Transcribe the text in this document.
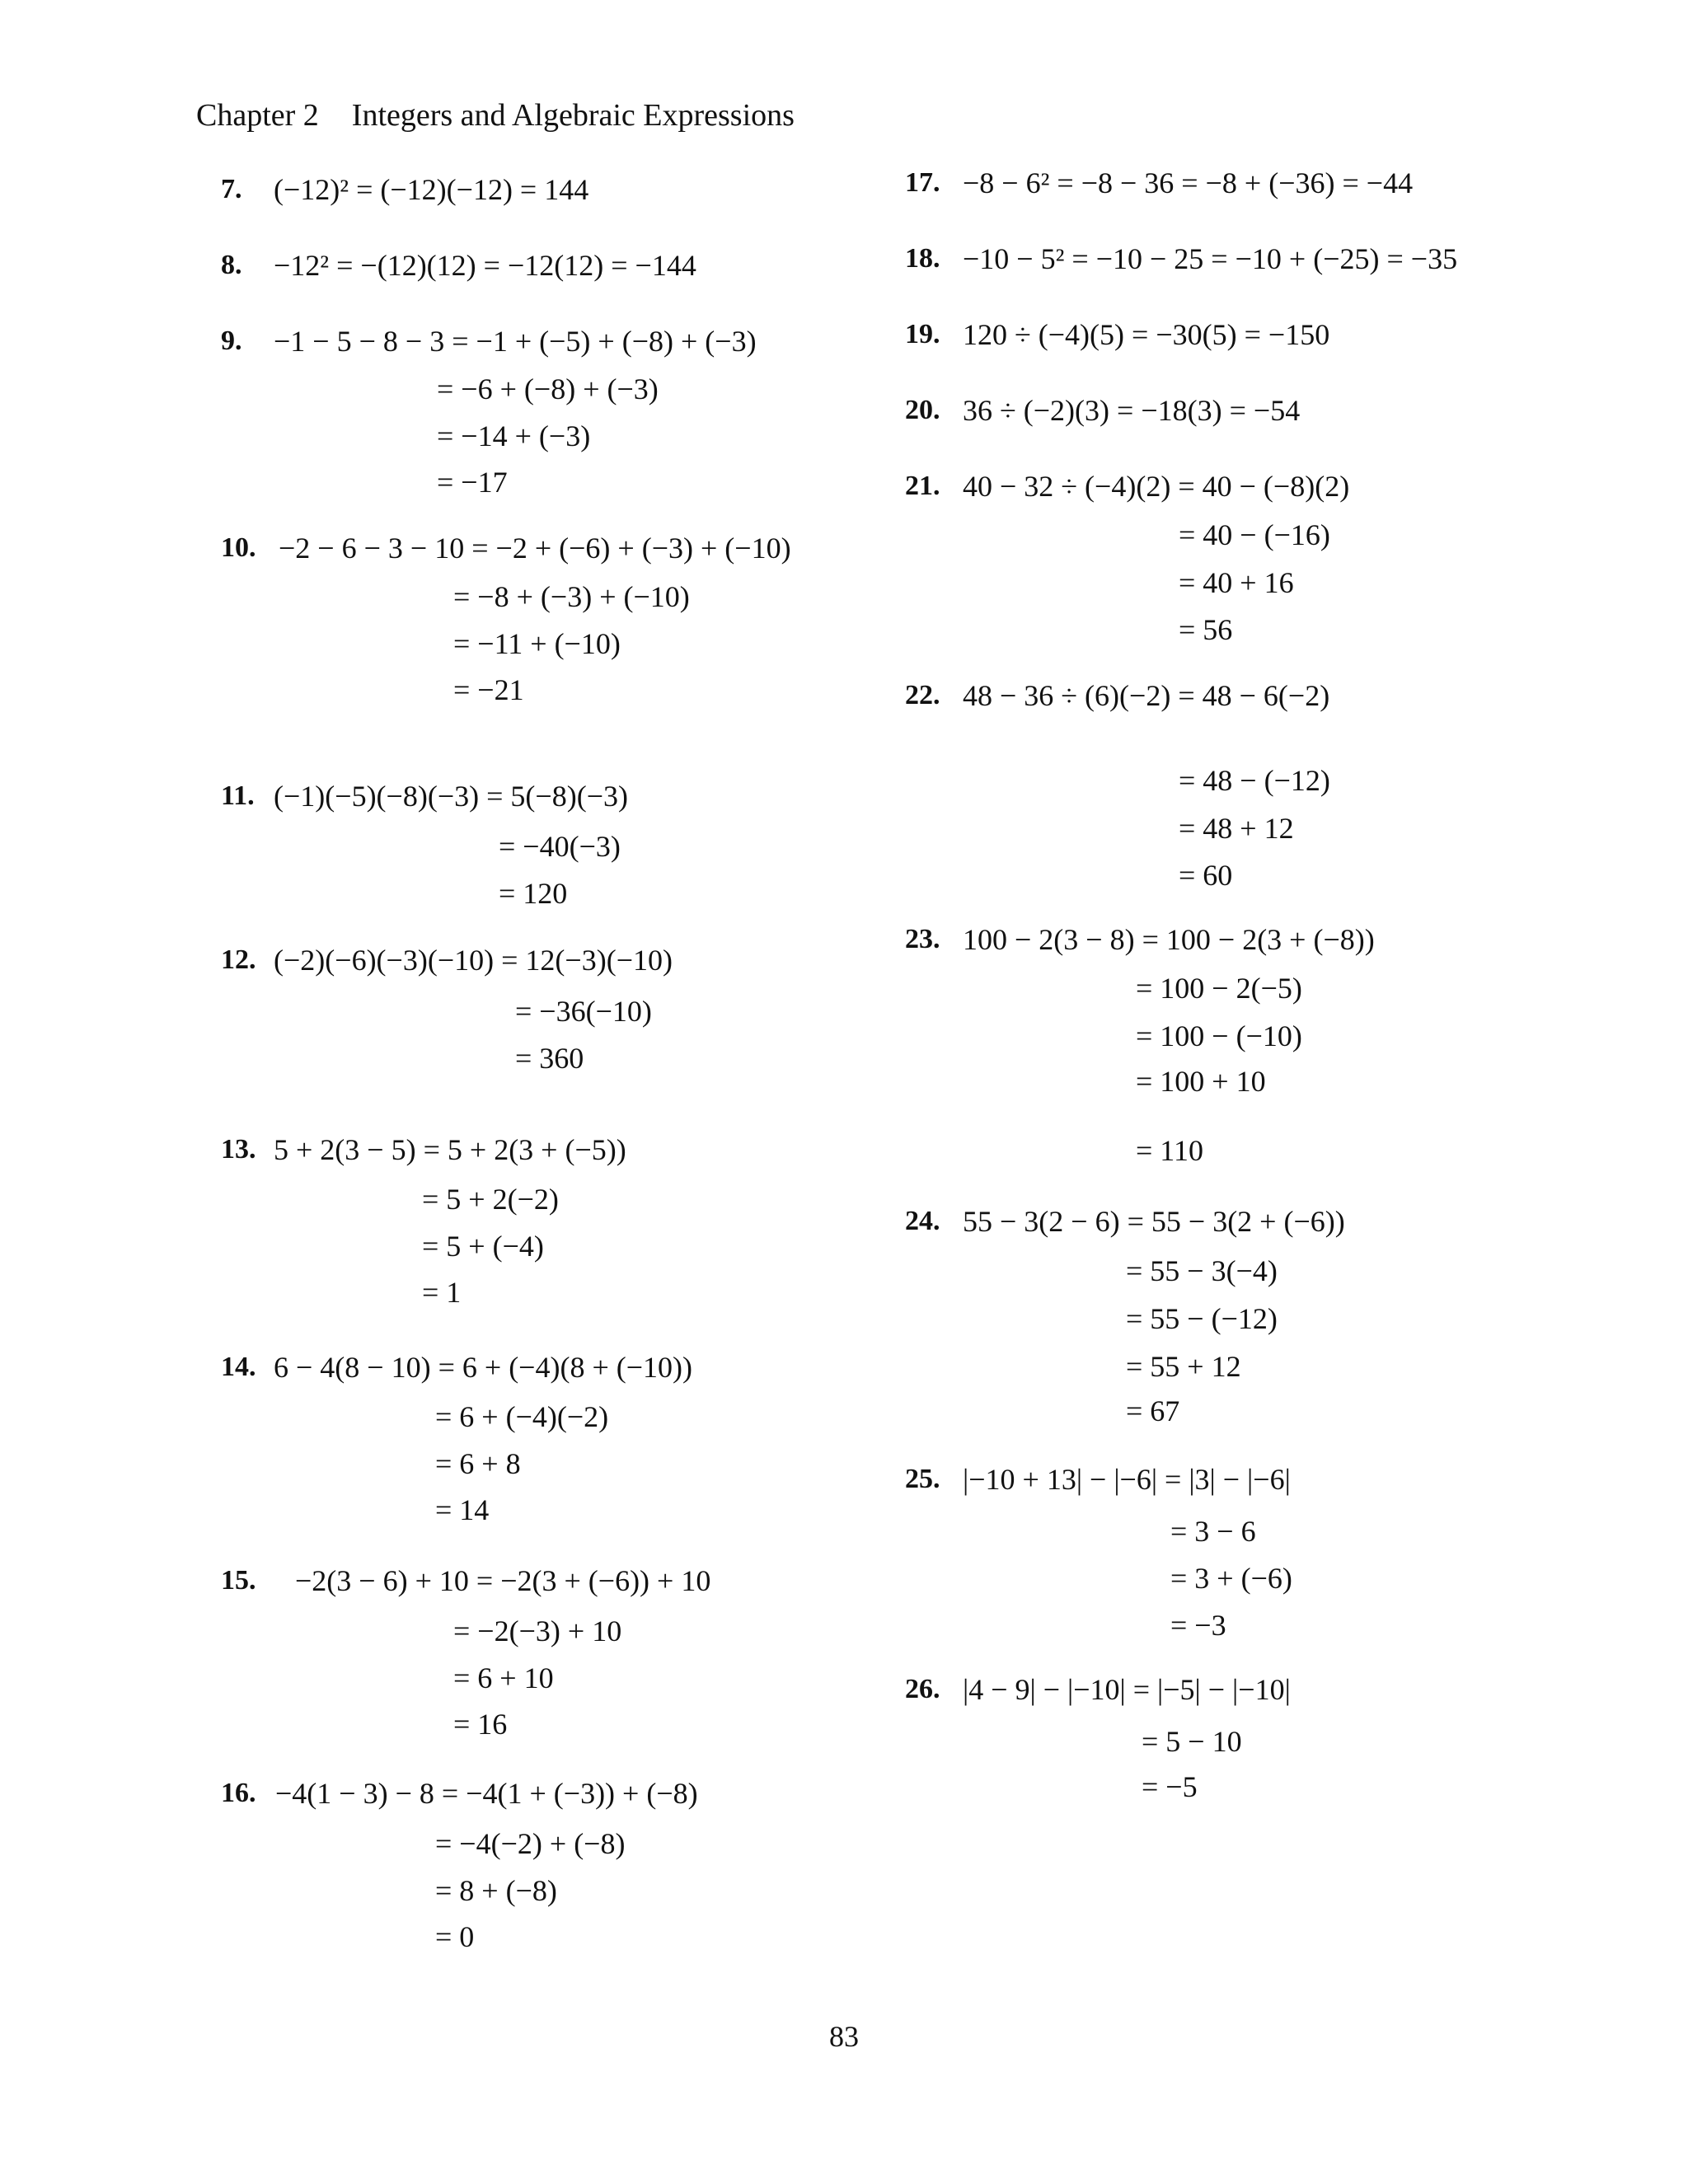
Chapter 2 Integers and Algebraic Expressions
7. (−12)² = (−12)(−12) = 144
8. −12² = −(12)(12) = −12(12) = −144
9. −1 − 5 − 8 − 3 = −1 + (−5) + (−8) + (−3)
= −6 + (−8) + (−3)
= −14 + (−3)
= −17
10. −2 − 6 − 3 − 10 = −2 + (−6) + (−3) + (−10)
= −8 + (−3) + (−10)
= −11 + (−10)
= −21
11. (−1)(−5)(−8)(−3) = 5(−8)(−3)
= −40(−3)
= 120
12. (−2)(−6)(−3)(−10) = 12(−3)(−10)
= −36(−10)
= 360
13. 5 + 2(3 − 5) = 5 + 2(3 + (−5))
= 5 + 2(−2)
= 5 + (−4)
= 1
14. 6 − 4(8 − 10) = 6 + (−4)(8 + (−10))
= 6 + (−4)(−2)
= 6 + 8
= 14
15. −2(3 − 6) + 10 = −2(3 + (−6)) + 10
= −2(−3) + 10
= 6 + 10
= 16
16. −4(1 − 3) − 8 = −4(1 + (−3)) + (−8)
= −4(−2) + (−8)
= 8 + (−8)
= 0
17. −8 − 6² = −8 − 36 = −8 + (−36) = −44
18. −10 − 5² = −10 − 25 = −10 + (−25) = −35
19. 120 ÷ (−4)(5) = −30(5) = −150
20. 36 ÷ (−2)(3) = −18(3) = −54
21. 40 − 32 ÷ (−4)(2) = 40 − (−8)(2)
= 40 − (−16)
= 40 + 16
= 56
22. 48 − 36 ÷ (6)(−2) = 48 − 6(−2)
= 48 − (−12)
= 48 + 12
= 60
23. 100 − 2(3 − 8) = 100 − 2(3 + (−8))
= 100 − 2(−5)
= 100 − (−10)
= 100 + 10
= 110
24. 55 − 3(2 − 6) = 55 − 3(2 + (−6))
= 55 − 3(−4)
= 55 − (−12)
= 55 + 12
= 67
25. |−10 + 13| − |−6| = |3| − |−6|
= 3 − 6
= 3 + (−6)
= −3
26. |4 − 9| − |−10| = |−5| − |−10|
= 5 − 10
= −5
83
